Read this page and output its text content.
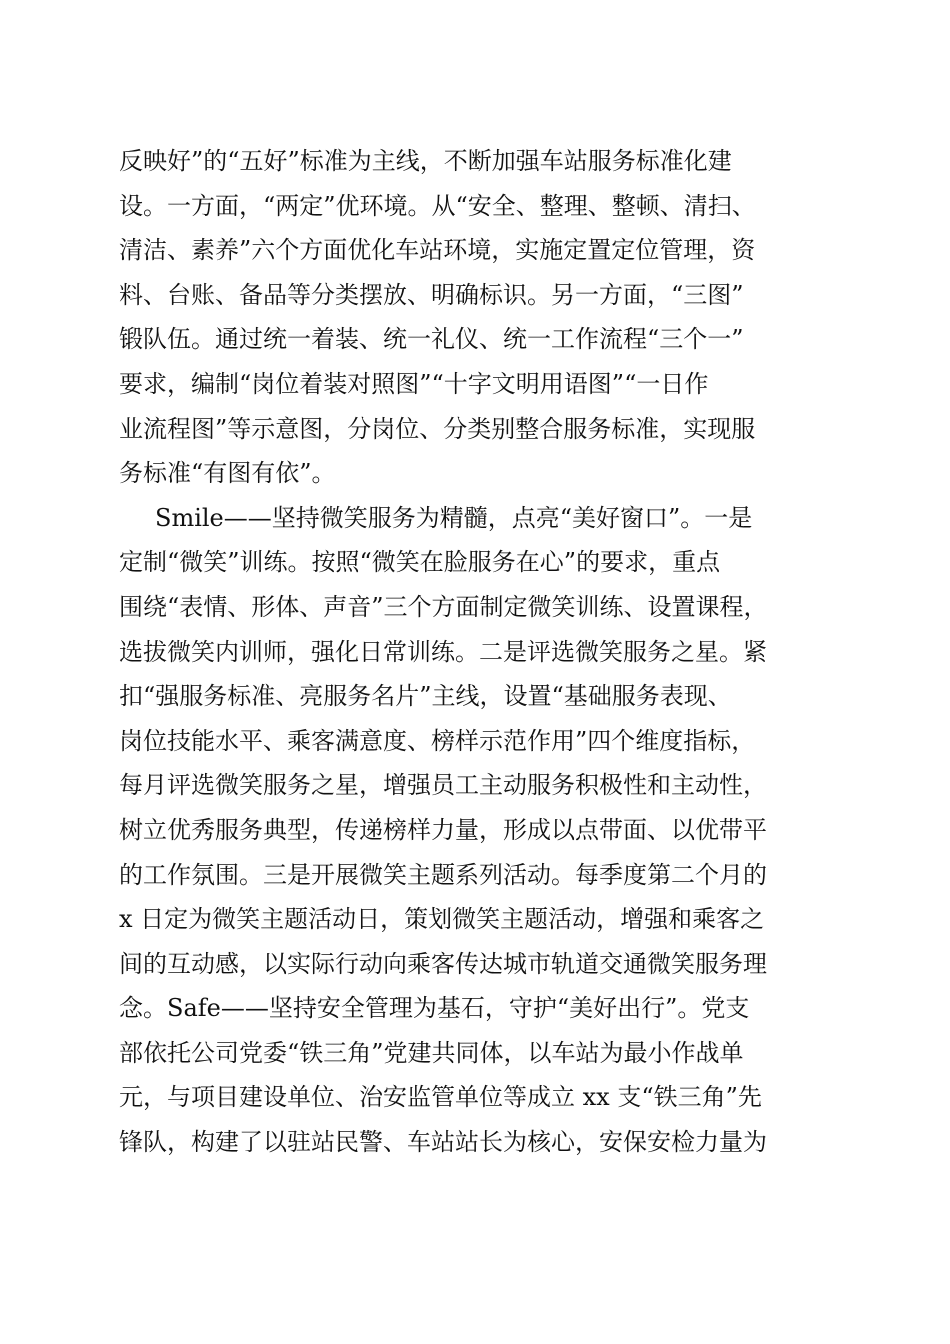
反映好”的“五好”标准为主线，不断加强车站服务标准化建
设。一方面，“两定”优环境。从“安全、整理、整顿、清扫、
清洁、素养”六个方面优化车站环境，实施定置定位管理，资
料、台账、备品等分类摆放、明确标识。另一方面，“三图”
锻队伍。通过统一着装、统一礼仪、统一工作流程“三个一”
要求，编制“岗位着装对照图”“十字文明用语图”“一日作
业流程图”等示意图，分岗位、分类别整合服务标准，实现服
务标准“有图有依”。
Smile——坚持微笑服务为精髓，点亮“美好窗口”。一是
定制“微笑”训练。按照“微笑在脸服务在心”的要求，重点
围绕“表情、形体、声音”三个方面制定微笑训练、设置课程，
选拔微笑内训师，强化日常训练。二是评选微笑服务之星。紧
扣“强服务标准、亮服务名片”主线，设置“基础服务表现、
岗位技能水平、乘客满意度、榜样示范作用”四个维度指标，
每月评选微笑服务之星，增强员工主动服务积极性和主动性，
树立优秀服务典型，传递榜样力量，形成以点带面、以优带平
的工作氛围。三是开展微笑主题系列活动。每季度第二个月的
x 日定为微笑主题活动日，策划微笑主题活动，增强和乘客之
间的互动感，以实际行动向乘客传达城市轨道交通微笑服务理
念。Safe——坚持安全管理为基石，守护“美好出行”。党支
部依托公司党委“铁三角”党建共同体，以车站为最小作战单
元，与项目建设单位、治安监管单位等成立 xx 支“铁三角”先
锋队，构建了以驻站民警、车站站长为核心，安保安检力量为
